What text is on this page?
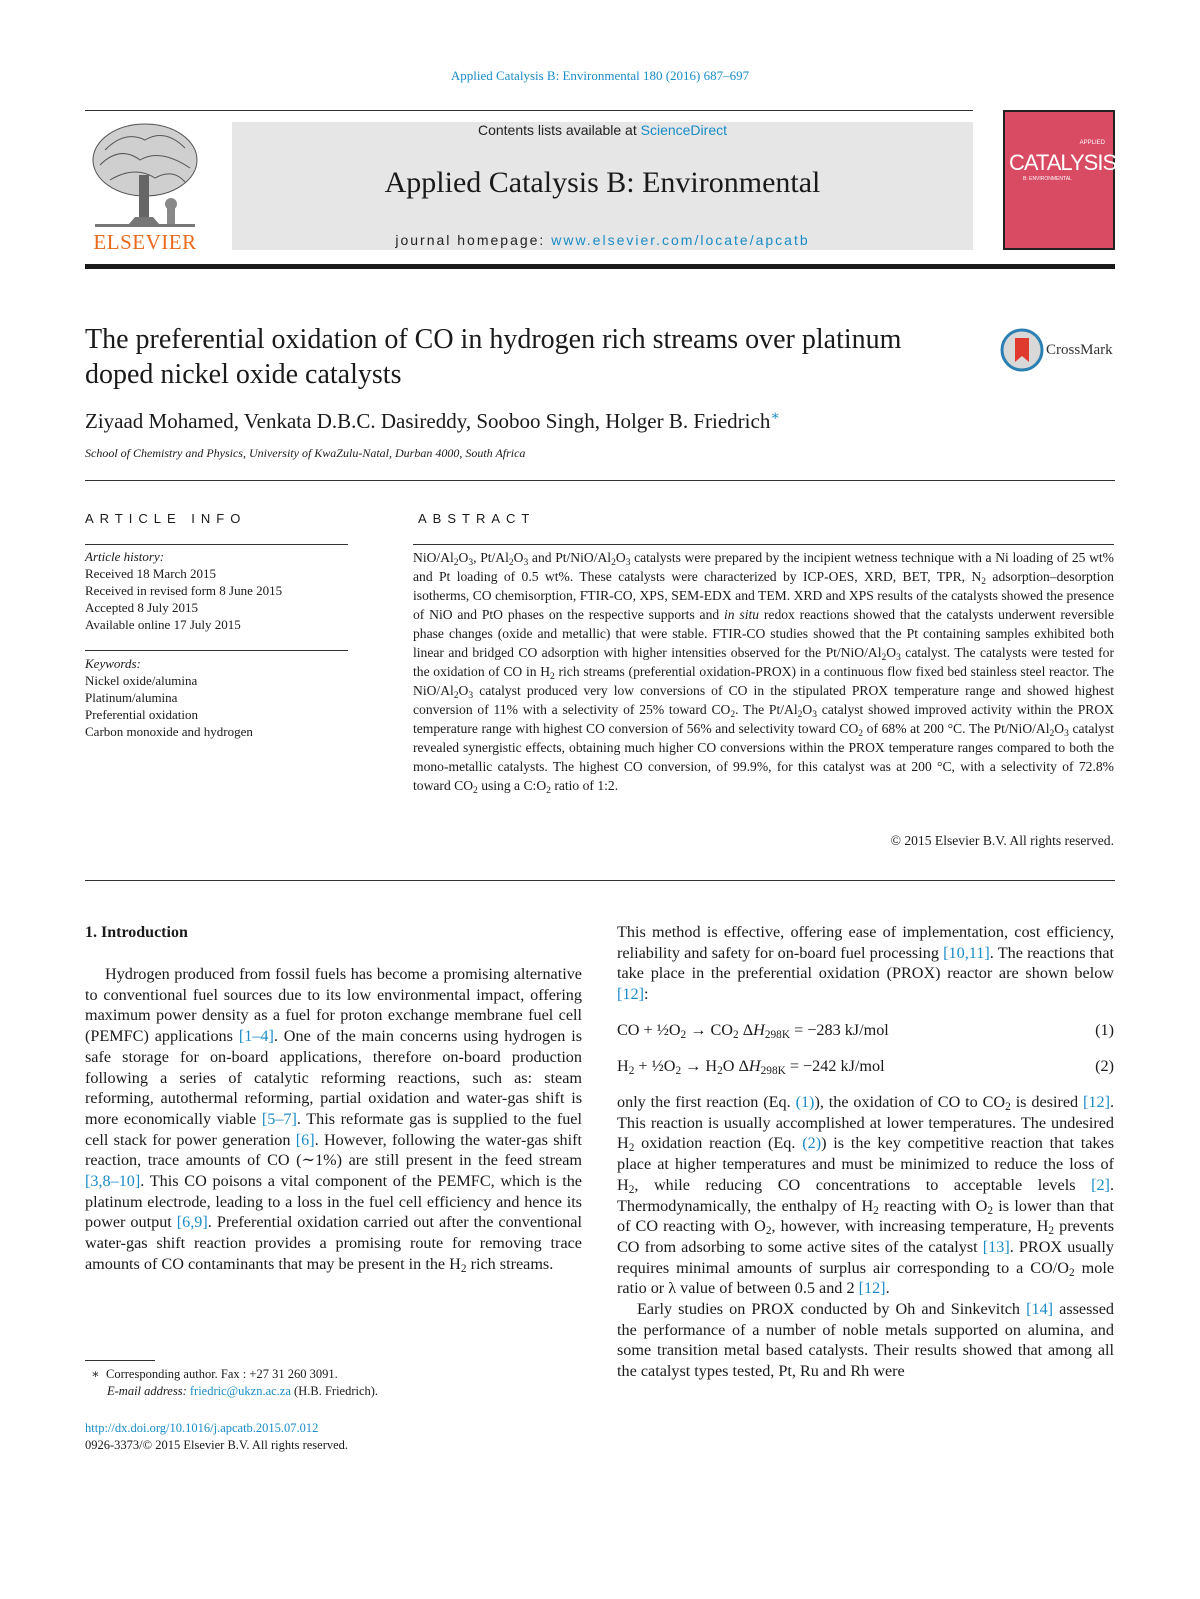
Applied Catalysis B: Environmental 180 (2016) 687–697
ELSEVIER
Contents lists available at ScienceDirect
Applied Catalysis B: Environmental
journal homepage: www.elsevier.com/locate/apcatb
APPLIED
CATALYSIS
B: ENVIRONMENTAL
The preferential oxidation of CO in hydrogen rich streams over platinum doped nickel oxide catalysts
CrossMark
Ziyaad Mohamed, Venkata D.B.C. Dasireddy, Sooboo Singh, Holger B. Friedrich∗
School of Chemistry and Physics, University of KwaZulu-Natal, Durban 4000, South Africa
ARTICLE INFO	ABSTRACT
Article history:
Received 18 March 2015
Received in revised form 8 June 2015
Accepted 8 July 2015
Available online 17 July 2015
Keywords:
Nickel oxide/alumina
Platinum/alumina
Preferential oxidation
Carbon monoxide and hydrogen
NiO/$Al_2O_3$, $Pt/Al_2O_3$ and $Pt/NiO/Al_2O_3$ catalysts were prepared by the incipient wetness technique with a Ni loading of 25 wt% and Pt loading of 0.5 wt%. These catalysts were characterized by ICP-OES, XRD, BET, TPR, $N_2$ adsorption–desorption isotherms, CO chemisorption, FTIR-CO, XPS, SEM-EDX and TEM. XRD and XPS results of the catalysts showed the presence of NiO and PtO phases on the respective supports and in situ redox reactions showed that the catalysts underwent reversible phase changes (oxide and metallic) that were stable. FTIR-CO studies showed that the Pt containing samples exhibited both linear and bridged CO adsorption with higher intensities observed for the $Pt/NiO/Al_2O_3$ catalyst. The catalysts were tested for the oxidation of CO in $H_2$ rich streams (preferential oxidation-PROX) in a continuous flow fixed bed stainless steel reactor. The NiO/$Al_2O_3$ catalyst produced very low conversions of CO in the stipulated PROX temperature range and showed highest conversion of 11% with a selectivity of 25% toward $CO_2$. The $Pt/Al_2O_3$ catalyst showed improved activity within the PROX temperature range with highest CO conversion of 56% and selectivity toward $CO_2$ of 68% at 200 °C. The $Pt/NiO/Al_2O_3$ catalyst revealed synergistic effects, obtaining much higher CO conversions within the PROX temperature ranges compared to both the mono-metallic catalysts. The highest CO conversion, of 99.9%, for this catalyst was at 200 °C, with a selectivity of 72.8% toward $CO_2$ using a $C:O_2$ ratio of 1:2.
© 2015 Elsevier B.V. All rights reserved.
1. Introduction

Hydrogen produced from fossil fuels has become a promising alternative to conventional fuel sources due to its low environmental impact, offering maximum power density as a fuel for proton exchange membrane fuel cell (PEMFC) applications [1–4]. One of the main concerns using hydrogen is safe storage for on-board applications, therefore on-board production following a series of catalytic reforming reactions, such as: steam reforming, autothermal reforming, partial oxidation and water-gas shift is more economically viable [5–7]. This reformate gas is supplied to the fuel cell stack for power generation [6]. However, following the water-gas shift reaction, trace amounts of CO (∼1%) are still present in the feed stream [3,8–10]. This CO poisons a vital component of the PEMFC, which is the platinum electrode, leading to a loss in the fuel cell efficiency and hence its power output [6,9]. Preferential oxidation carried out after the conventional water-gas shift reaction provides a promising route for removing trace amounts of CO contaminants that may be present in the $H_2$ rich streams.

This method is effective, offering ease of implementation, cost efficiency, reliability and safety for on-board fuel processing [10,11]. The reactions that take place in the preferential oxidation (PROX) reactor are shown below [12]:

CO + $\frac{1}{2}O_2 \to CO_2$ $\Delta H_{298K} = -283$ kJ/mol	(1)
$H_2$ + $\frac{1}{2}O_2 \to H_2O$ $\Delta H_{298K} = -242$ kJ/mol	(2)

only the first reaction (Eq. (1)), the oxidation of CO to $CO_2$ is desired [12]. This reaction is usually accomplished at lower temperatures. The undesired $H_2$ oxidation reaction (Eq. (2)) is the key competitive reaction that takes place at higher temperatures and must be minimized to reduce the loss of $H_2$, while reducing CO concentrations to acceptable levels [2]. Thermodynamically, the enthalpy of $H_2$ reacting with $O_2$ is lower than that of CO reacting with $O_2$, however, with increasing temperature, $H_2$ prevents CO from adsorbing to some active sites of the catalyst [13]. PROX usually requires minimal amounts of surplus air corresponding to a $CO/O_2$ mole ratio or λ value of between 0.5 and 2 [12].

Early studies on PROX conducted by Oh and Sinkevitch [14] assessed the performance of a number of noble metals supported on alumina, and some transition metal based catalysts. Their results showed that among all the catalyst types tested, Pt, Ru and Rh were

∗  Corresponding author. Fax : +27 31 260 3091.
E-mail address: friedric@ukzn.ac.za (H.B. Friedrich).
http://dx.doi.org/10.1016/j.apcatb.2015.07.012
0926-3373/© 2015 Elsevier B.V. All rights reserved.
